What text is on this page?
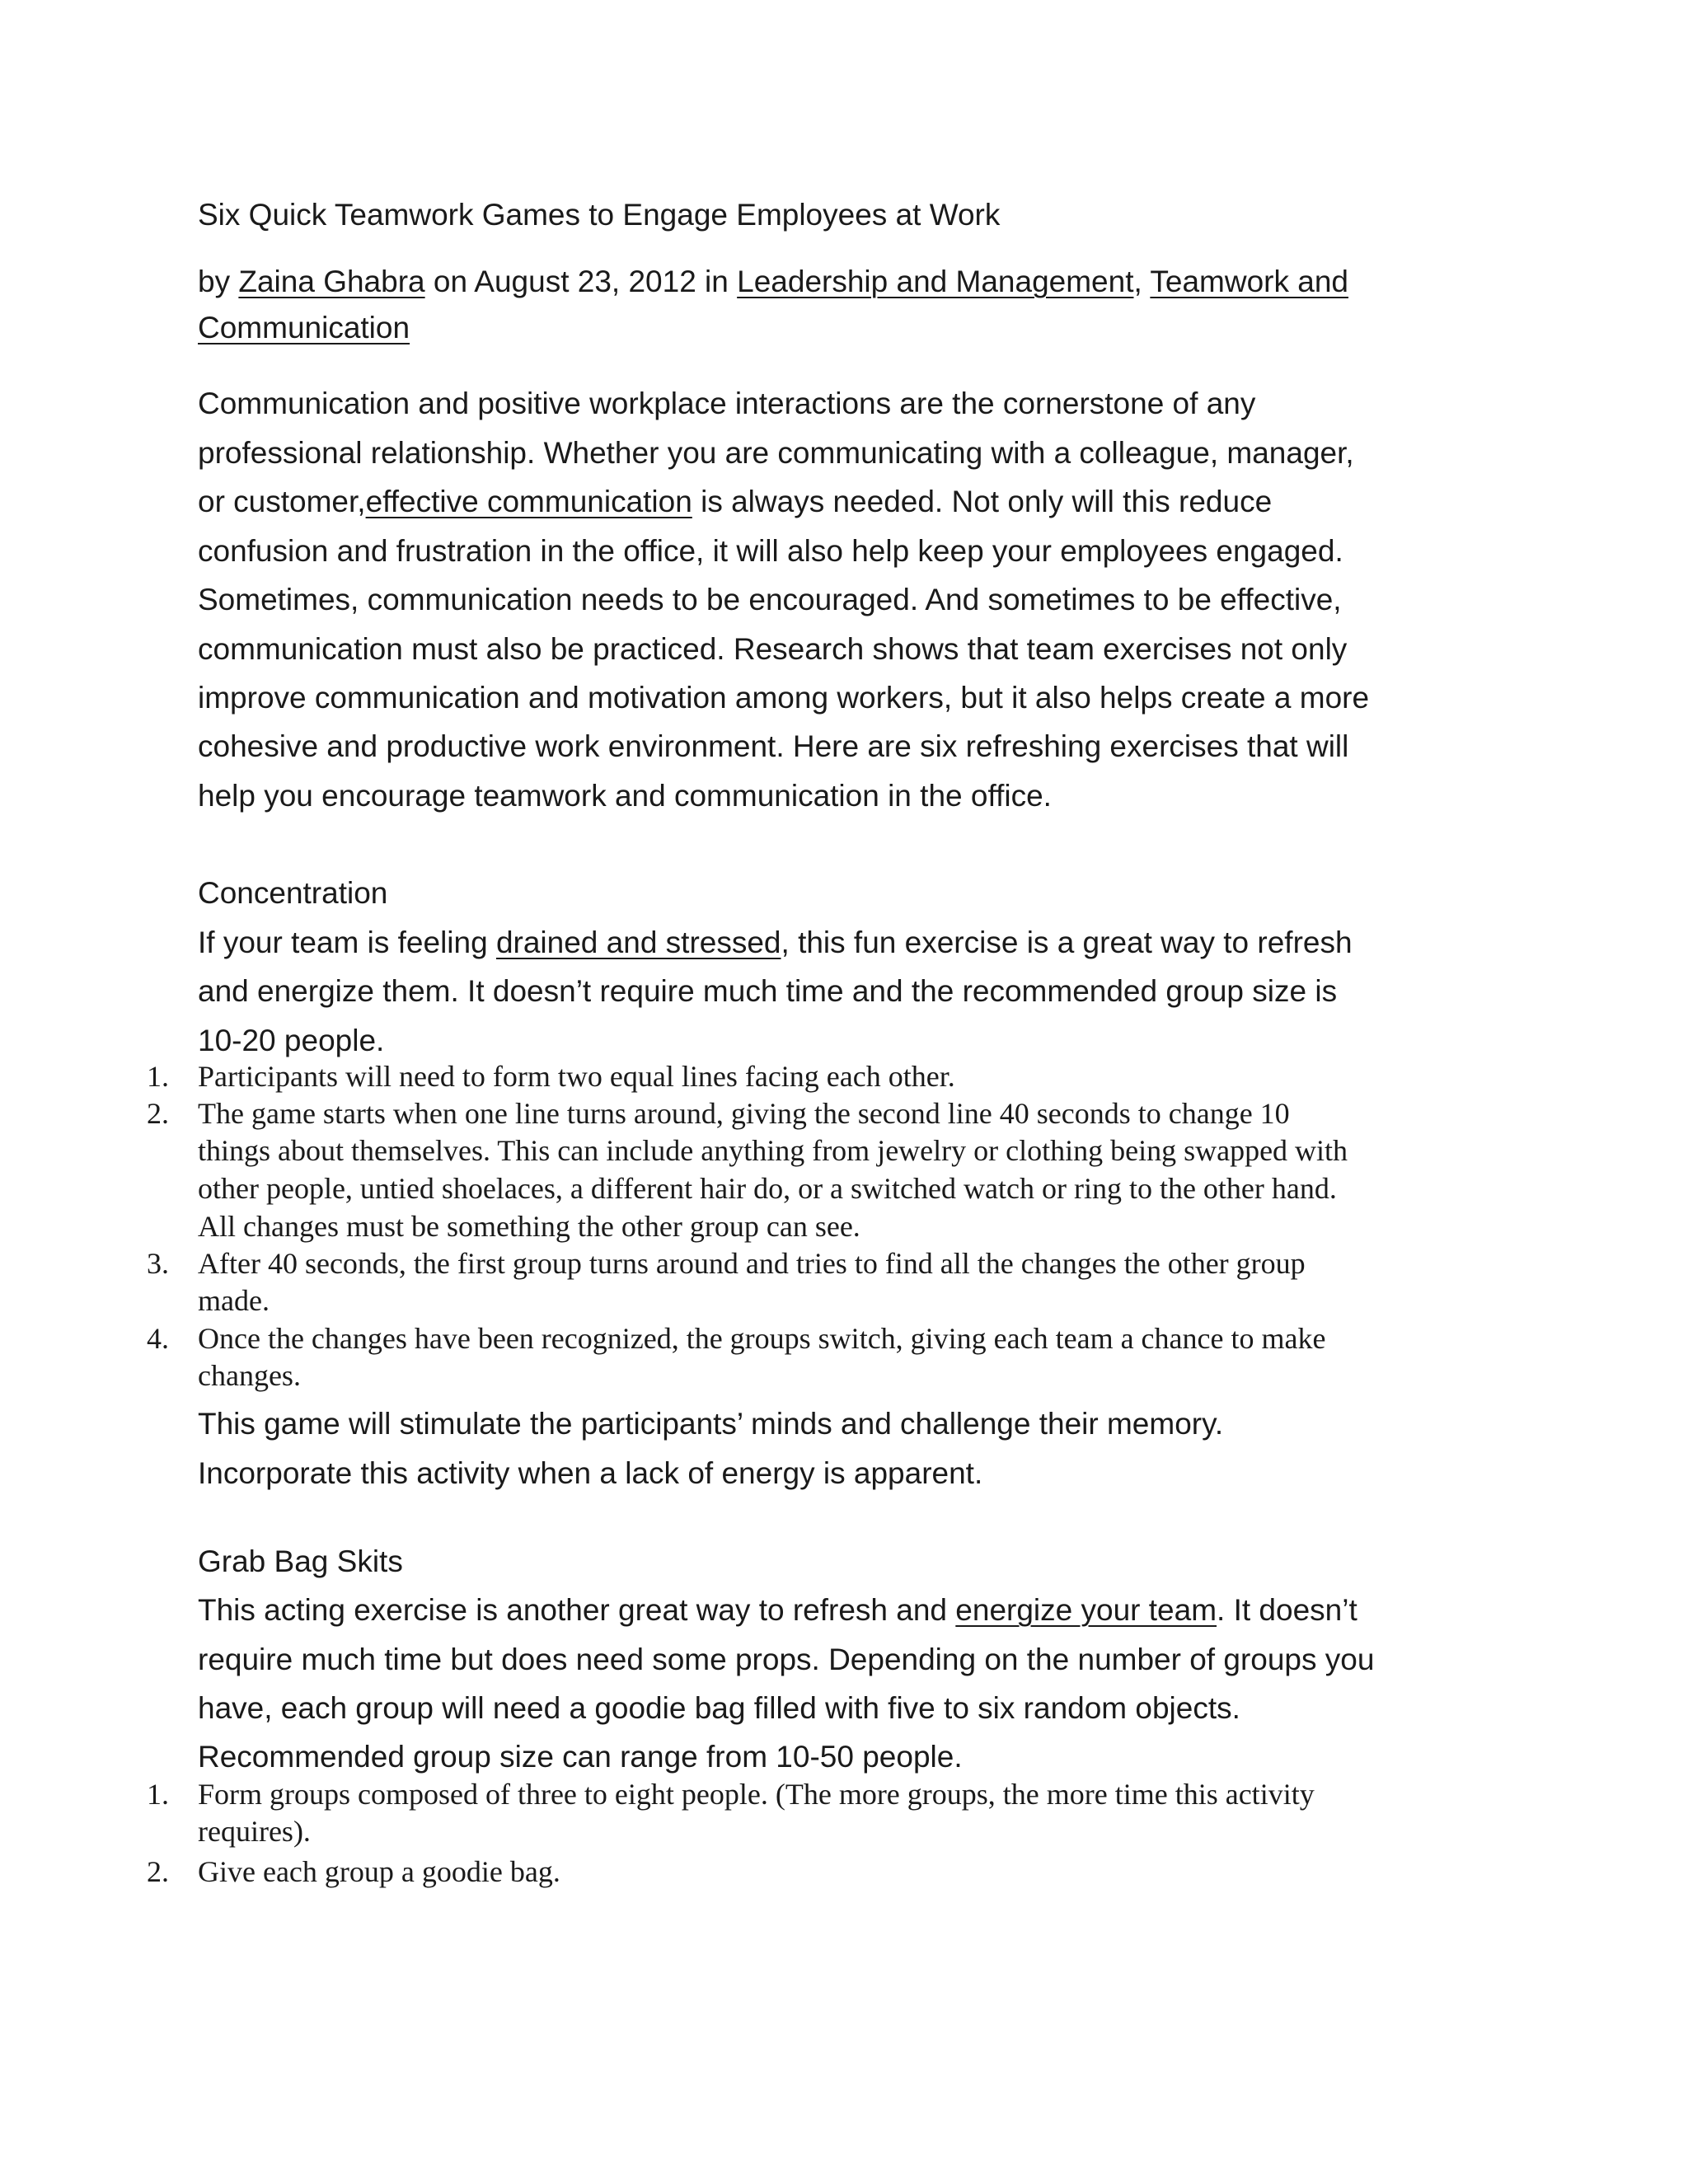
Six Quick Teamwork Games to Engage Employees at Work
by Zaina Ghabra on August 23, 2012 in Leadership and Management, Teamwork and
Communication
Communication and positive workplace interactions are the cornerstone of any
professional relationship. Whether you are communicating with a colleague, manager,
or customer,effective communication is always needed. Not only will this reduce
confusion and frustration in the office, it will also help keep your employees engaged.
Sometimes, communication needs to be encouraged. And sometimes to be effective,
communication must also be practiced. Research shows that team exercises not only
improve communication and motivation among workers, but it also helps create a more
cohesive and productive work environment. Here are six refreshing exercises that will
help you encourage teamwork and communication in the office.
Concentration
If your team is feeling drained and stressed, this fun exercise is a great way to refresh
and energize them. It doesn’t require much time and the recommended group size is
10-20 people.
1. Participants will need to form two equal lines facing each other.
2. The game starts when one line turns around, giving the second line 40 seconds to change 10
things about themselves. This can include anything from jewelry or clothing being swapped with
other people, untied shoelaces, a different hair do, or a switched watch or ring to the other hand.
All changes must be something the other group can see.
3. After 40 seconds, the first group turns around and tries to find all the changes the other group
made.
4. Once the changes have been recognized, the groups switch, giving each team a chance to make
changes.
This game will stimulate the participants’ minds and challenge their memory.
Incorporate this activity when a lack of energy is apparent.
Grab Bag Skits
This acting exercise is another great way to refresh and energize your team. It doesn’t
require much time but does need some props. Depending on the number of groups you
have, each group will need a goodie bag filled with five to six random objects.
Recommended group size can range from 10-50 people.
1. Form groups composed of three to eight people. (The more groups, the more time this activity
requires).
2. Give each group a goodie bag.
